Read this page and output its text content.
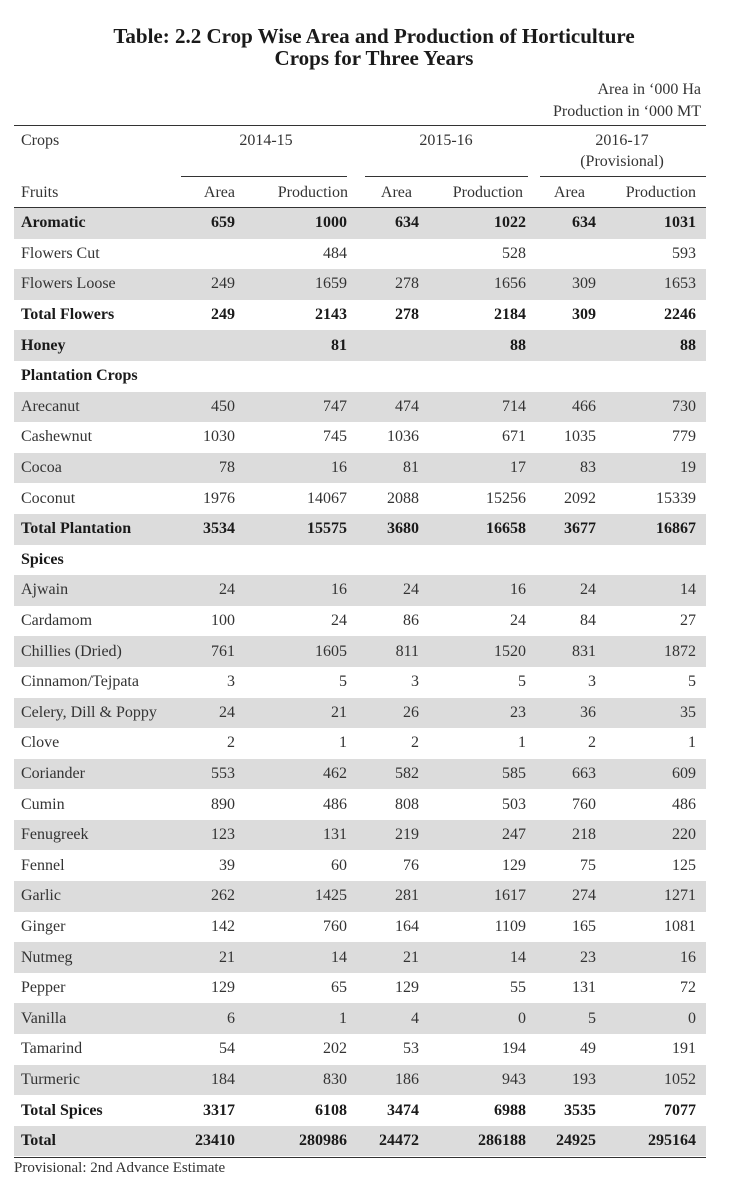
Table: 2.2 Crop Wise Area and Production of Horticulture
Crops for Three Years
Area in ‘000 Ha
Production in ‘000 MT
Crops	2014-15	2015-16	2016-17
(Provisional)
Fruits	Area	Production	Area	Production	Area	Production
Aromatic	659	1000	634	1022	634	1031
Flowers Cut		484		528		593
Flowers Loose	249	1659	278	1656	309	1653
Total Flowers	249	2143	278	2184	309	2246
Honey		81		88		88
Plantation Crops						
Arecanut	450	747	474	714	466	730
Cashewnut	1030	745	1036	671	1035	779
Cocoa	78	16	81	17	83	19
Coconut	1976	14067	2088	15256	2092	15339
Total Plantation	3534	15575	3680	16658	3677	16867
Spices						
Ajwain	24	16	24	16	24	14
Cardamom	100	24	86	24	84	27
Chillies (Dried)	761	1605	811	1520	831	1872
Cinnamon/Tejpata	3	5	3	5	3	5
Celery, Dill & Poppy	24	21	26	23	36	35
Clove	2	1	2	1	2	1
Coriander	553	462	582	585	663	609
Cumin	890	486	808	503	760	486
Fenugreek	123	131	219	247	218	220
Fennel	39	60	76	129	75	125
Garlic	262	1425	281	1617	274	1271
Ginger	142	760	164	1109	165	1081
Nutmeg	21	14	21	14	23	16
Pepper	129	65	129	55	131	72
Vanilla	6	1	4	0	5	0
Tamarind	54	202	53	194	49	191
Turmeric	184	830	186	943	193	1052
Total Spices	3317	6108	3474	6988	3535	7077
Total	23410	280986	24472	286188	24925	295164
Provisional: 2nd Advance Estimate
